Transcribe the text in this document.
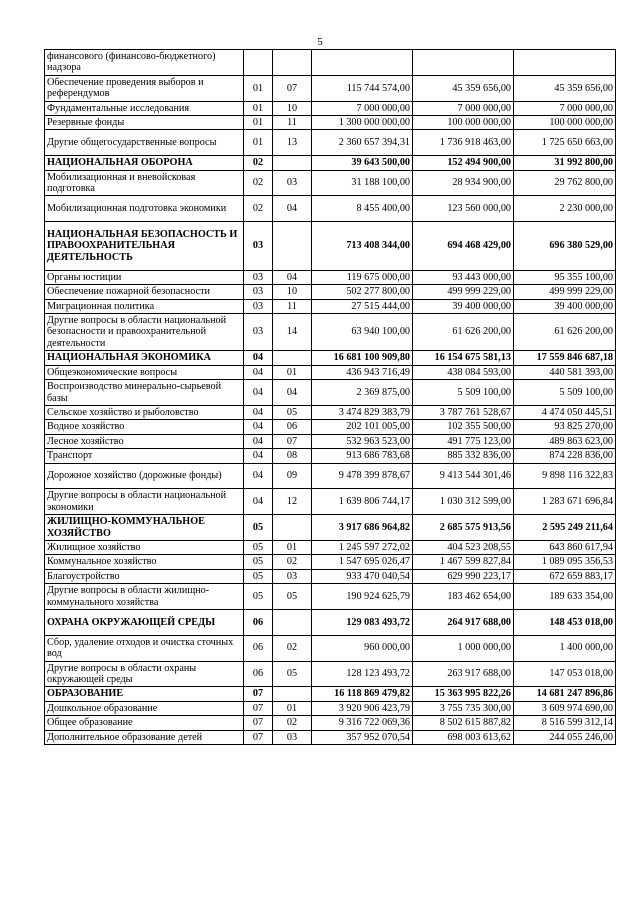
5
финансового (финансово-бюджетного) надзора					
Обеспечение проведения выборов и референдумов	01	07	115 744 574,00	45 359 656,00	45 359 656,00
Фундаментальные исследования	01	10	7 000 000,00	7 000 000,00	7 000 000,00
Резервные фонды	01	11	1 300 000 000,00	100 000 000,00	100 000 000,00
Другие общегосударственные вопросы	01	13	2 360 657 394,31	1 736 918 463,00	1 725 650 663,00
НАЦИОНАЛЬНАЯ ОБОРОНА	02		39 643 500,00	152 494 900,00	31 992 800,00
Мобилизационная и вневойсковая подготовка	02	03	31 188 100,00	28 934 900,00	29 762 800,00
Мобилизационная подготовка экономики	02	04	8 455 400,00	123 560 000,00	2 230 000,00
НАЦИОНАЛЬНАЯ БЕЗОПАСНОСТЬ И ПРАВООХРАНИТЕЛЬНАЯ ДЕЯТЕЛЬНОСТЬ	03		713 408 344,00	694 468 429,00	696 380 529,00
Органы юстиции	03	04	119 675 000,00	93 443 000,00	95 355 100,00
Обеспечение пожарной безопасности	03	10	502 277 800,00	499 999 229,00	499 999 229,00
Миграционная политика	03	11	27 515 444,00	39 400 000,00	39 400 000,00
Другие вопросы в области национальной безопасности и правоохранительной деятельности	03	14	63 940 100,00	61 626 200,00	61 626 200,00
НАЦИОНАЛЬНАЯ ЭКОНОМИКА	04		16 681 100 909,80	16 154 675 581,13	17 559 846 687,18
Общеэкономические вопросы	04	01	436 943 716,49	438 084 593,00	440 581 393,00
Воспроизводство минерально-сырьевой базы	04	04	2 369 875,00	5 509 100,00	5 509 100,00
Сельское хозяйство и рыболовство	04	05	3 474 829 383,79	3 787 761 528,67	4 474 050 445,51
Водное хозяйство	04	06	202 101 005,00	102 355 500,00	93 825 270,00
Лесное хозяйство	04	07	532 963 523,00	491 775 123,00	489 863 623,00
Транспорт	04	08	913 686 783,68	885 332 836,00	874 228 836,00
Дорожное хозяйство (дорожные фонды)	04	09	9 478 399 878,67	9 413 544 301,46	9 898 116 322,83
Другие вопросы в области национальной экономики	04	12	1 639 806 744,17	1 030 312 599,00	1 283 671 696,84
ЖИЛИЩНО-КОММУНАЛЬНОЕ ХОЗЯЙСТВО	05		3 917 686 964,82	2 685 575 913,56	2 595 249 211,64
Жилищное хозяйство	05	01	1 245 597 272,02	404 523 208,55	643 860 617,94
Коммунальное хозяйство	05	02	1 547 695 026,47	1 467 599 827,84	1 089 095 356,53
Благоустройство	05	03	933 470 040,54	629 990 223,17	672 659 883,17
Другие вопросы в области жилищно-коммунального хозяйства	05	05	190 924 625,79	183 462 654,00	189 633 354,00
ОХРАНА ОКРУЖАЮЩЕЙ СРЕДЫ	06		129 083 493,72	264 917 688,00	148 453 018,00
Сбор, удаление отходов и очистка сточных вод	06	02	960 000,00	1 000 000,00	1 400 000,00
Другие вопросы в области охраны окружающей среды	06	05	128 123 493,72	263 917 688,00	147 053 018,00
ОБРАЗОВАНИЕ	07		16 118 869 479,82	15 363 995 822,26	14 681 247 896,86
Дошкольное образование	07	01	3 920 906 423,79	3 755 735 300,00	3 609 974 690,00
Общее образование	07	02	9 316 722 069,36	8 502 615 887,82	8 516 599 312,14
Дополнительное образование детей	07	03	357 952 070,54	698 003 613,62	244 055 246,00
